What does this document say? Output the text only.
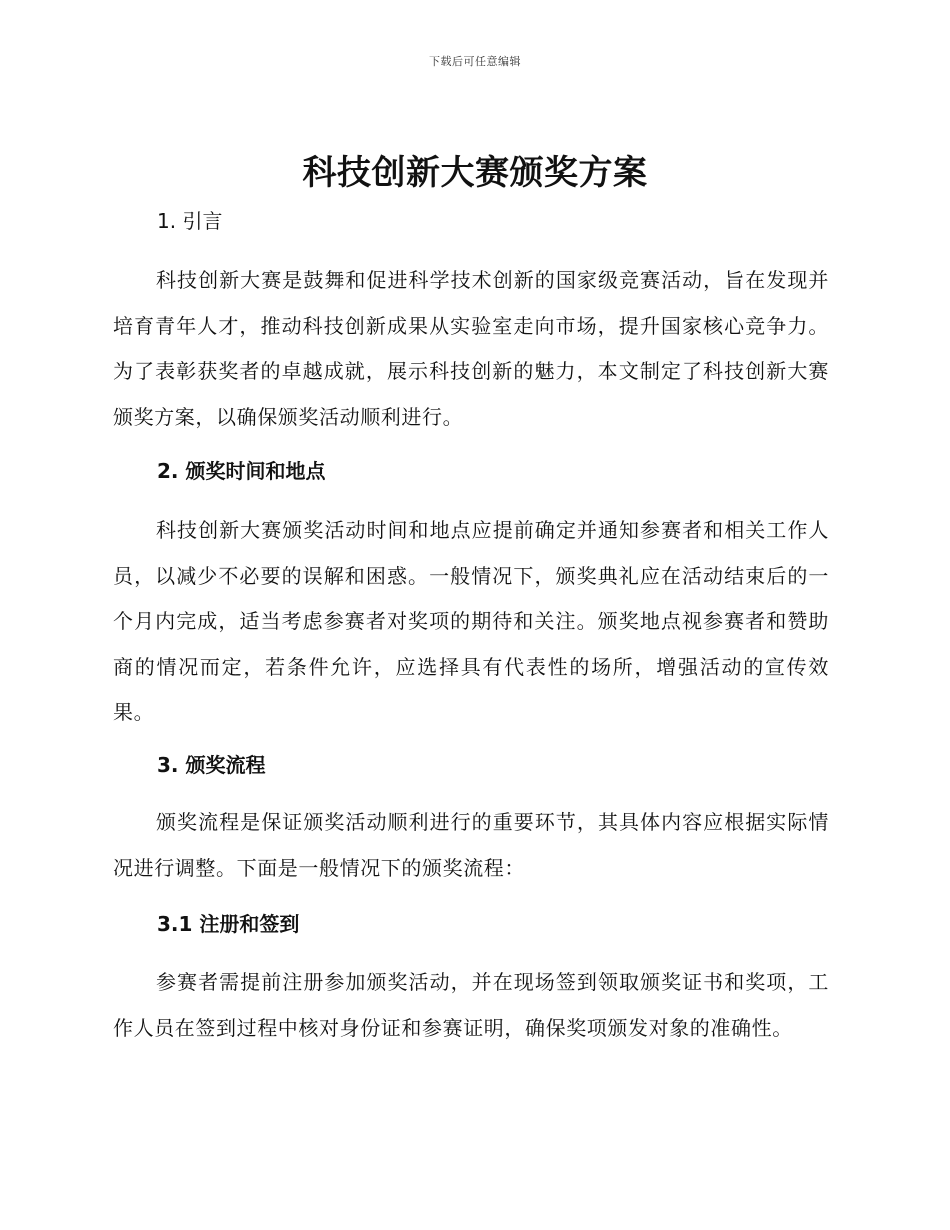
下载后可任意编辑
科技创新大赛颁奖方案
1. 引言

科技创新大赛是鼓舞和促进科学技术创新的国家级竞赛活动，旨在发现并培育青年人才，推动科技创新成果从实验室走向市场，提升国家核心竞争力。为了表彰获奖者的卓越成就，展示科技创新的魅力，本文制定了科技创新大赛颁奖方案，以确保颁奖活动顺利进行。

2. 颁奖时间和地点

科技创新大赛颁奖活动时间和地点应提前确定并通知参赛者和相关工作人员，以减少不必要的误解和困惑。一般情况下，颁奖典礼应在活动结束后的一个月内完成，适当考虑参赛者对奖项的期待和关注。颁奖地点视参赛者和赞助商的情况而定，若条件允许，应选择具有代表性的场所，增强活动的宣传效果。

3. 颁奖流程

颁奖流程是保证颁奖活动顺利进行的重要环节，其具体内容应根据实际情况进行调整。下面是一般情况下的颁奖流程：

3.1 注册和签到

参赛者需提前注册参加颁奖活动，并在现场签到领取颁奖证书和奖项，工作人员在签到过程中核对身份证和参赛证明，确保奖项颁发对象的准确性。
